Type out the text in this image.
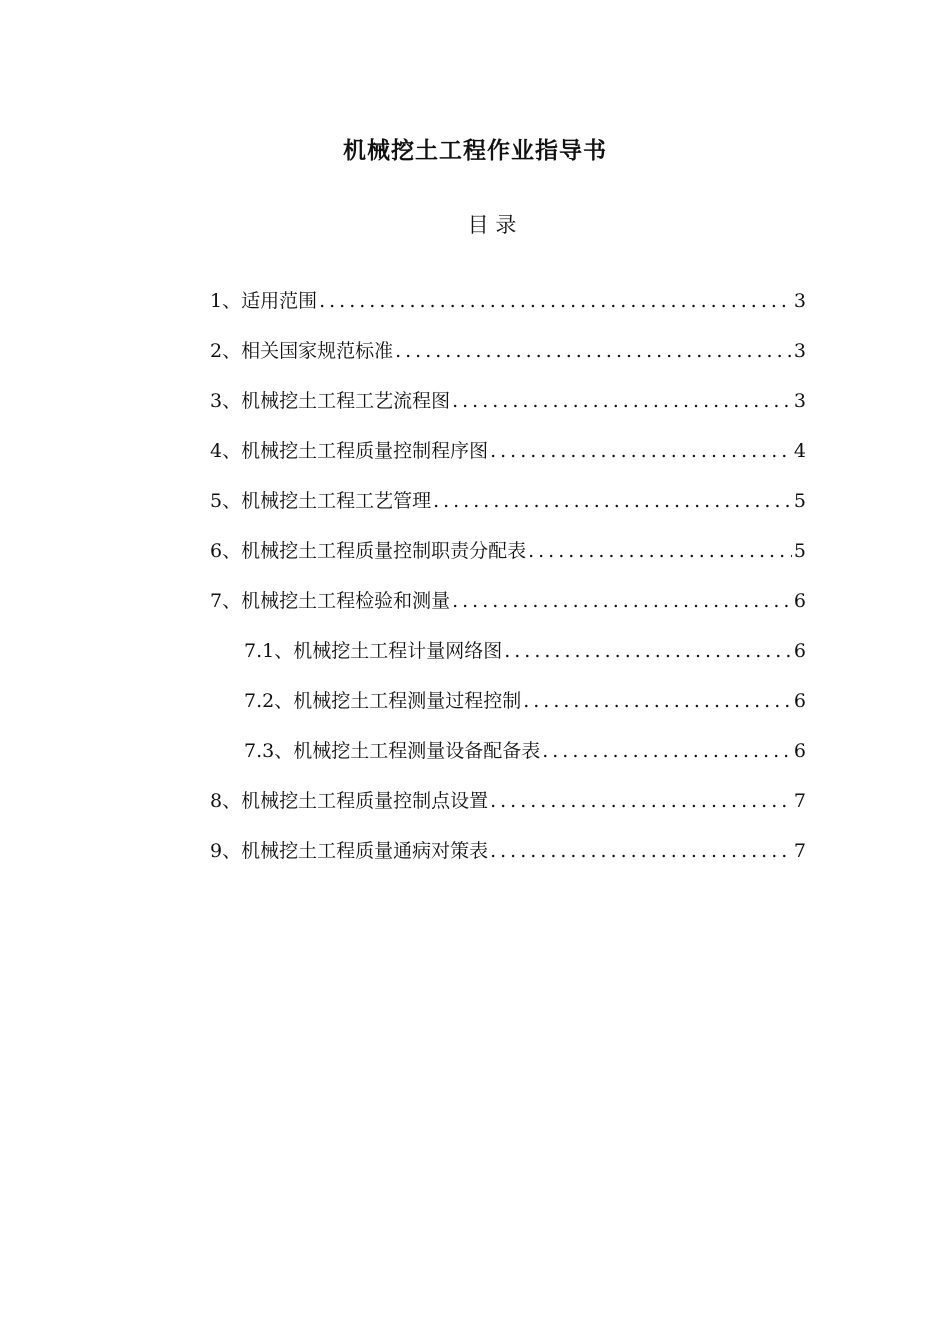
机械挖土工程作业指导书
目 录
1、适用范围 .....	3
2、相关国家规范标准 .....	3
3、机械挖土工程工艺流程图 .....	3
4、机械挖土工程质量控制程序图 .....	4
5、机械挖土工程工艺管理 .....	5
6、机械挖土工程质量控制职责分配表 .....	5
7、机械挖土工程检验和测量 .....	6
7.1、机械挖土工程计量网络图 .....	6
7.2、机械挖土工程测量过程控制 .....	6
7.3、机械挖土工程测量设备配备表 .....	6
8、机械挖土工程质量控制点设置 .....	7
9、机械挖土工程质量通病对策表 .....	7
